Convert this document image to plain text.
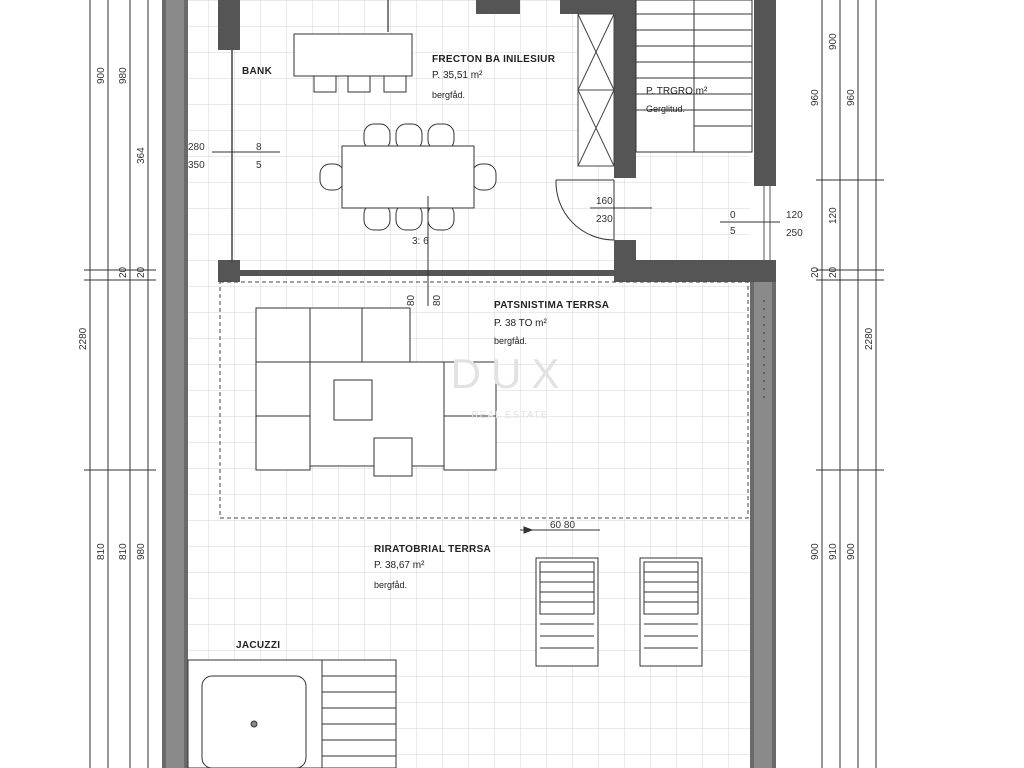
DUX
REAL ESTATE
BANK
FRECTON BA INILESIUR
P. 35,51 m²
bergfåd.	P. TRGRO m²
Gerglitud.
PATSNISTIMA TERRSA
P. 38 TO m²
bergfåd.
RIRATOBRIAL TERRSA
P. 38,67 m²
bergfåd.
JACUZZI
280
350
8
5
160
230	120
250
0
5
3: 6
80 80
60 80
900
2280
810
980
20
810
364
20
980
960
20
900
900
120
20
910
960
2280
900
